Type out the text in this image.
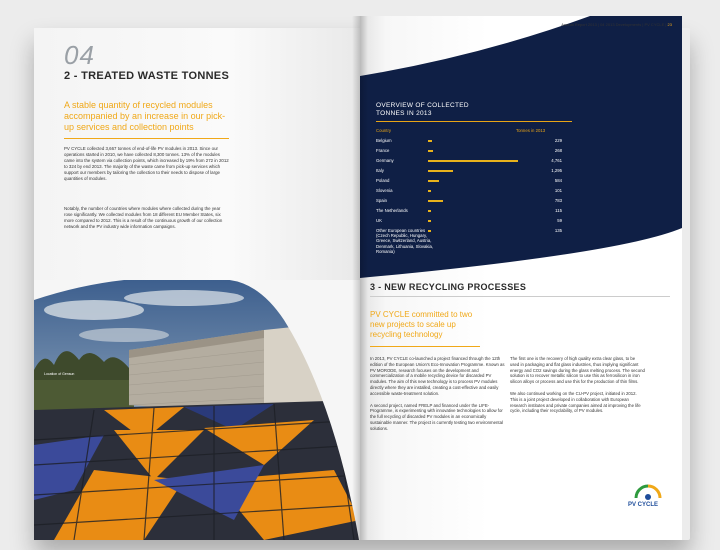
04
2 - TREATED WASTE TONNES
A stable quantity of recycled modules accompanied by an increase in our pick-up services and collection points
PV CYCLE collected 3,667 tonnes of end-of-life PV modules in 2013. Since our operations started in 2010, we have collected 8,300 tonnes. 13% of the modules came into the system via collection points, which increased by 19% from 272 in 2012 to 324 by end 2013. The majority of the waste came from pick-up services which support our members by tailoring the collection to their needs to dispose of large quantities of modules.
Notably, the number of countries where modules where collected during the year rose significantly. We collected modules from 18 different EU Member States, six more compared to 2012. This is a result of the continuous growth of our collection network and the PV industry wide information campaigns.
Location of Gensun
Annual Report 2013 | 04 2013 Developments | PV CYCLE | 23
OVERVIEW OF COLLECTED
TONNES IN 2013
Country	Tonnes in 2013
Belgium	229
France	268
Germany	4,761
Italy	1,295
Poland	584
Slovenia	101
Spain	783
The Netherlands	115
UK	59
Other European countries
(Czech Republic, Hungary, Greece, Switzerland, Austria, Denmark, Lithuania, Slovakia, Romania)
135
3 - NEW RECYCLING PROCESSES
PV CYCLE committed to two new projects to scale up recycling technology

In 2013, PV CYCLE co-launched a project financed through the 12th edition of the European Union's Eco-Innovation Programme. Known as PV MORODE, research focuses on the development and commercialization of a mobile recycling device for discarded PV modules. The aim of this new technology is to process PV modules directly where they are installed, creating a cost-effective and easily accessible waste-treatment solution.

A second project, named FRELP and financed under the LIFE-Programme, is experimenting with innovative technologies to allow for the full recycling of discarded PV modules in an economically sustainable manner. The project is currently testing two environmental solutions.

The first one is the recovery of high quality extra clear glass, to be used in packaging and flat glass industries, thus implying significant energy and CO2 savings during the glass melting process. The second solution is to recover metallic silicon to use this as ferrosilicon in iron silicon alloys or process and use this for the production of thin films.

We also continued working on the CU-PV project, initiated in 2012. This is a joint project developed in collaboration with European research institutes and private companies aimed at improving the life cycle, including their recyclability, of PV modules.

PV CYCLE
